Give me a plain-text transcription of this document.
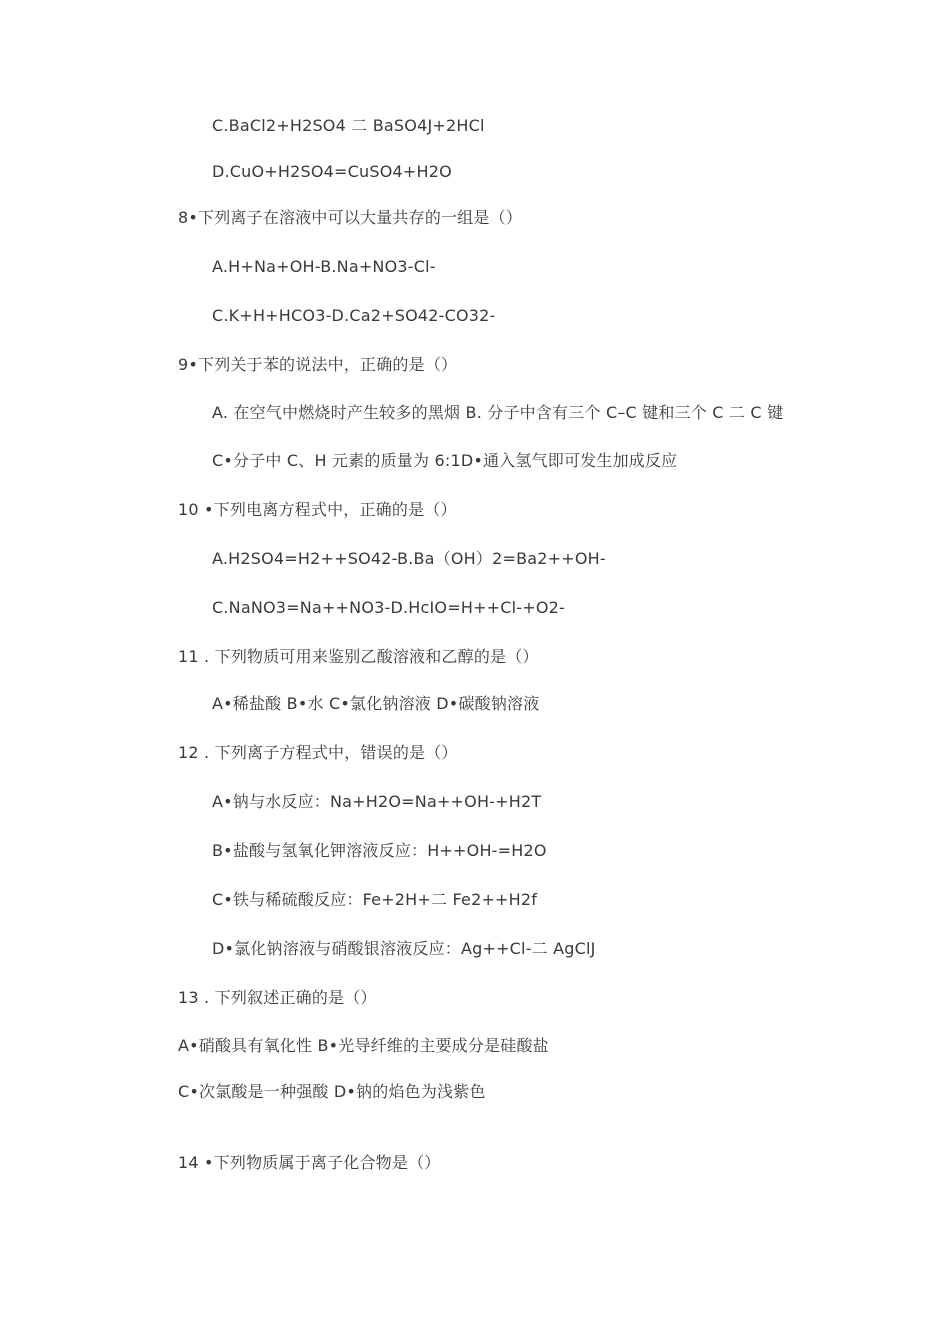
C.BaCl2+H2SO4 二 BaSO4J+2HCl
D.CuO+H2SO4=CuSO4+H2O
8•下列离子在溶液中可以大量共存的一组是（）
A.H+Na+OH-B.Na+NO3-Cl-
C.K+H+HCO3-D.Ca2+SO42-CO32-
9•下列关于苯的说法中，正确的是（）
A. 在空气中燃烧时产生较多的黑烟 B. 分子中含有三个 C–C 键和三个 C 二 C 键
C•分子中 C、H 元素的质量为 6:1D•通入氢气即可发生加成反应
10 •下列电离方程式中，正确的是（）
A.H2SO4=H2++SO42-B.Ba（OH）2=Ba2++OH-
C.NaNO3=Na++NO3-D.HcIO=H++Cl-+O2-
11 . 下列物质可用来鉴别乙酸溶液和乙醇的是（）
A•稀盐酸 B•水 C•氯化钠溶液 D•碳酸钠溶液
12 . 下列离子方程式中，错误的是（）
A•钠与水反应：Na+H2O=Na++OH-+H2T
B•盐酸与氢氧化钾溶液反应：H++OH-=H2O
C•铁与稀硫酸反应：Fe+2H+二 Fe2++H2f
D•氯化钠溶液与硝酸银溶液反应：Ag++Cl-二 AgClJ
13 . 下列叙述正确的是（）
A•硝酸具有氧化性 B•光导纤维的主要成分是硅酸盐
C•次氯酸是一种强酸 D•钠的焰色为浅紫色
14 •下列物质属于离子化合物是（）
